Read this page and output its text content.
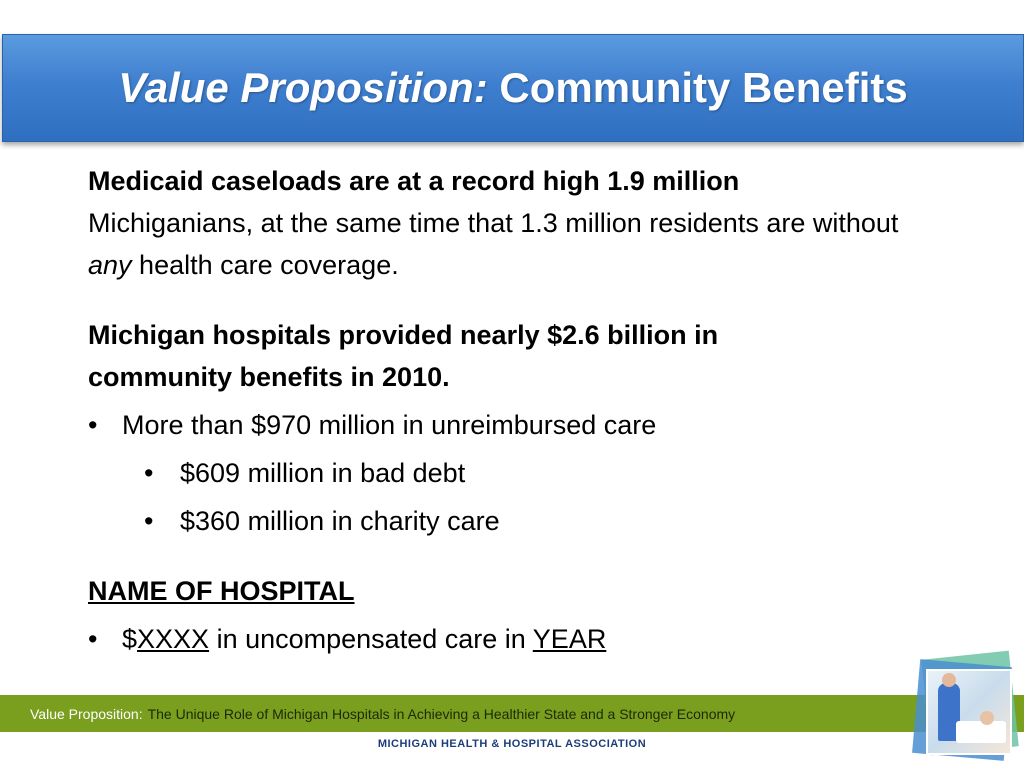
Value Proposition: Community Benefits

Medicaid caseloads are at a record high 1.9 million
Michiganians, at the same time that 1.3 million residents are without any health care coverage.

Michigan hospitals provided nearly $2.6 billion in community benefits in 2010.

• More than $970 million in unreimbursed care
• $609 million in bad debt
• $360 million in charity care

NAME OF HOSPITAL

• $XXXX in uncompensated care in YEAR
Value Proposition: The Unique Role of Michigan Hospitals in Achieving a Healthier State and a Stronger Economy
MICHIGAN HEALTH & HOSPITAL ASSOCIATION
